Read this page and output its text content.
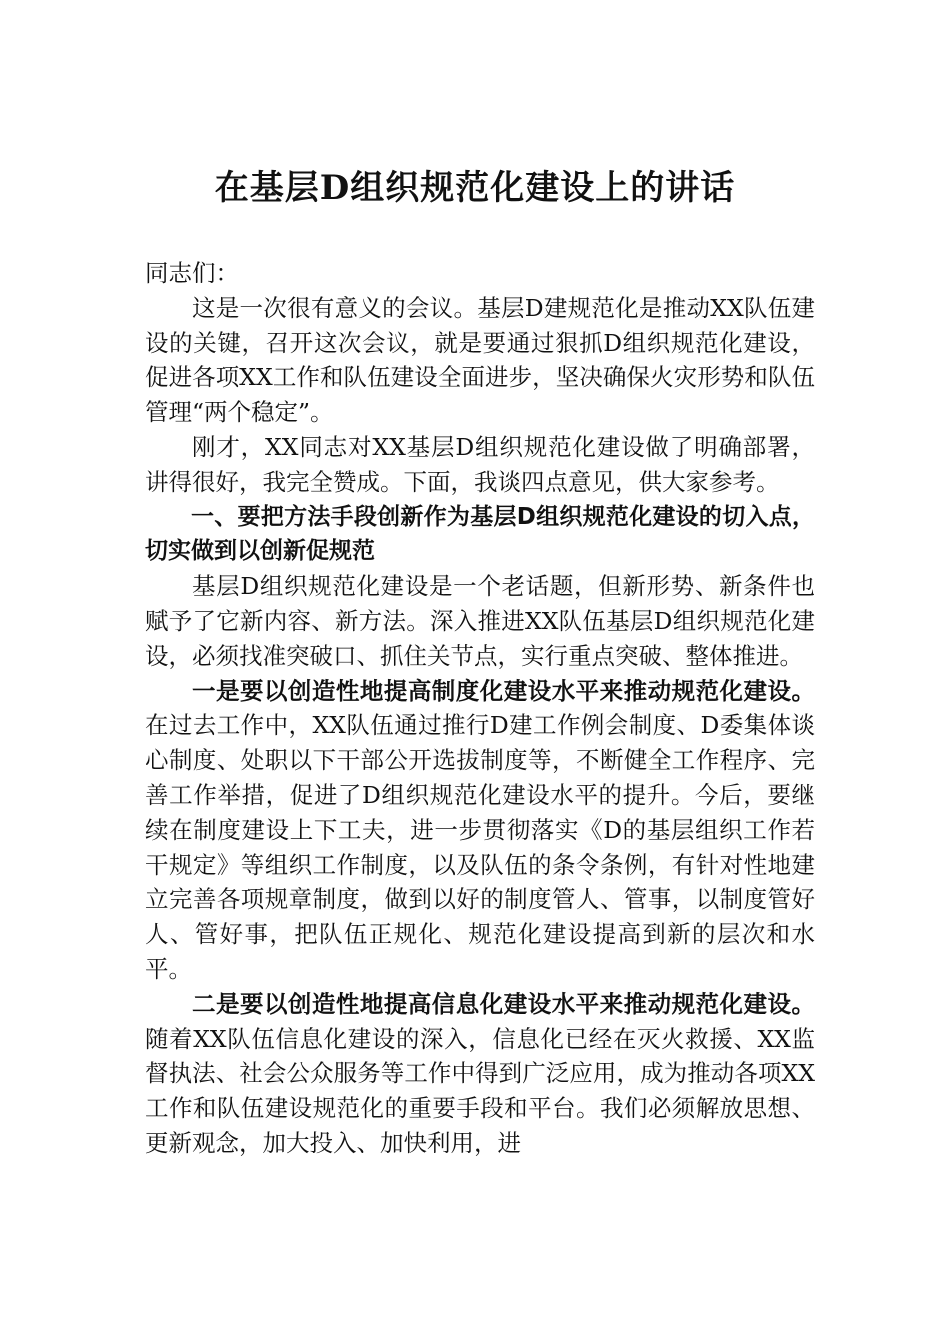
在基层D组织规范化建设上的讲话

同志们：

这是一次很有意义的会议。基层D建规范化是推动XX队伍建设的关键，召开这次会议，就是要通过狠抓D组织规范化建设，促进各项XX工作和队伍建设全面进步，坚决确保火灾形势和队伍管理“两个稳定”。

刚才，XX同志对XX基层D组织规范化建设做了明确部署，讲得很好，我完全赞成。下面，我谈四点意见，供大家参考。

一、要把方法手段创新作为基层D组织规范化建设的切入点，切实做到以创新促规范

基层D组织规范化建设是一个老话题，但新形势、新条件也赋予了它新内容、新方法。深入推进XX队伍基层D组织规范化建设，必须找准突破口、抓住关节点，实行重点突破、整体推进。

一是要以创造性地提高制度化建设水平来推动规范化建设。在过去工作中，XX队伍通过推行D建工作例会制度、D委集体谈心制度、处职以下干部公开选拔制度等，不断健全工作程序、完善工作举措，促进了D组织规范化建设水平的提升。今后，要继续在制度建设上下工夫，进一步贯彻落实《D的基层组织工作若干规定》等组织工作制度，以及队伍的条令条例，有针对性地建立完善各项规章制度，做到以好的制度管人、管事，以制度管好人、管好事，把队伍正规化、规范化建设提高到新的层次和水平。

二是要以创造性地提高信息化建设水平来推动规范化建设。随着XX队伍信息化建设的深入，信息化已经在灭火救援、XX监督执法、社会公众服务等工作中得到广泛应用，成为推动各项XX工作和队伍建设规范化的重要手段和平台。我们必须解放思想、更新观念，加大投入、加快利用，进
